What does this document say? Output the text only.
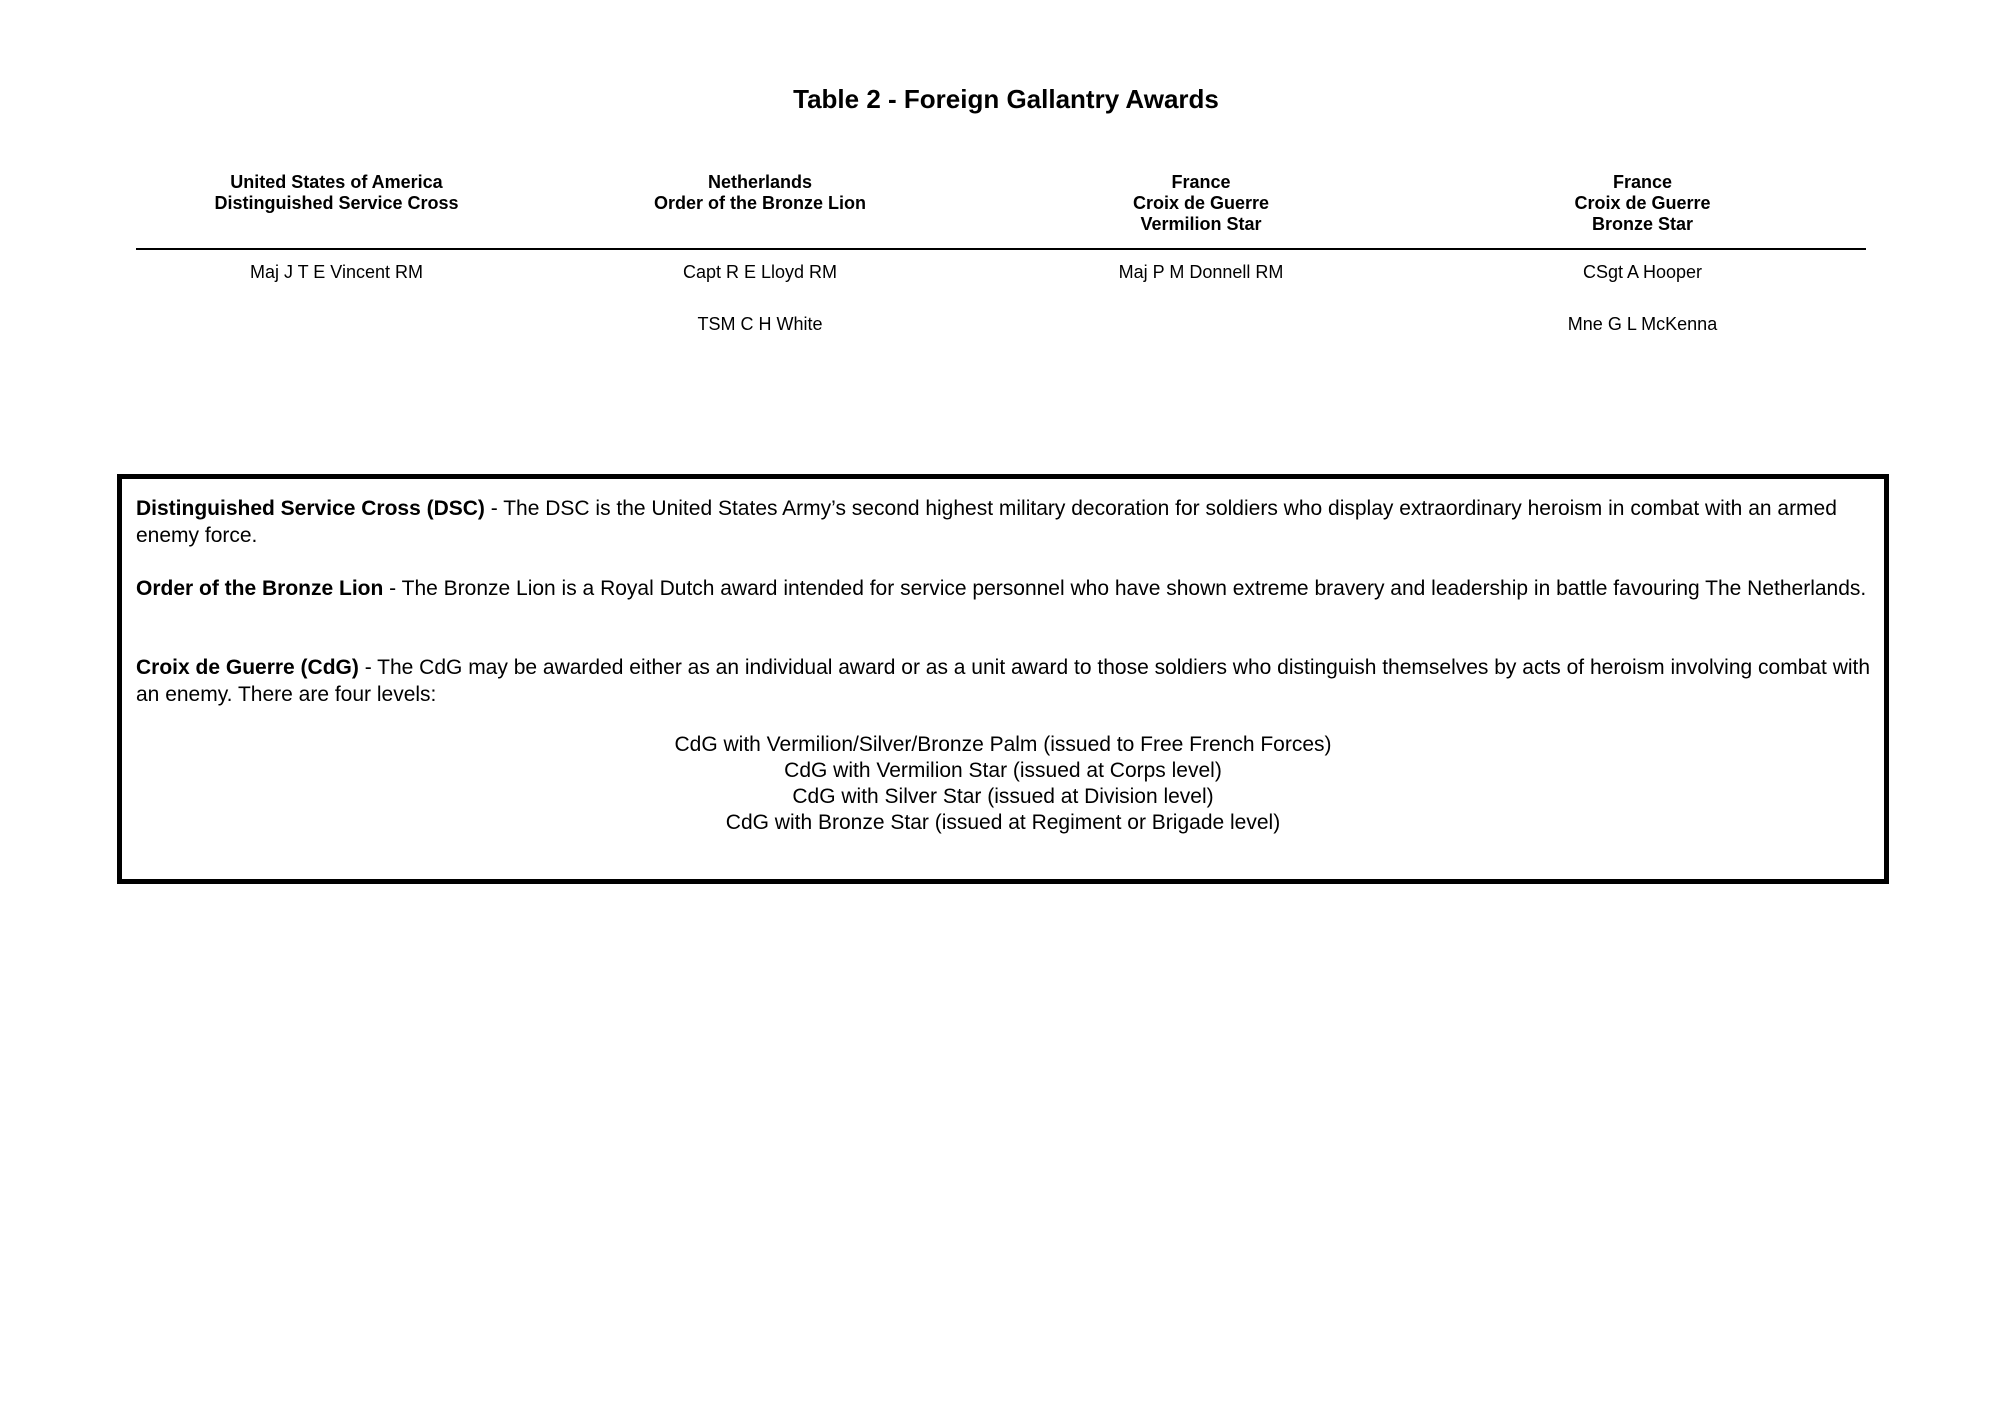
Table 2 - Foreign Gallantry Awards
United States of America
Distinguished Service Cross
Netherlands
Order of the Bronze Lion
France
Croix de Guerre
Vermilion Star
France
Croix de Guerre
Bronze Star
Maj J T E Vincent RM	Capt R E Lloyd RM
TSM C H White
Maj P M Donnell RM	CSgt A Hooper
Mne G L McKenna

Distinguished Service Cross (DSC) - The DSC is the United States Army’s second highest military decoration for soldiers who display extraordinary heroism in combat with an armed enemy force.

Order of the Bronze Lion - The Bronze Lion is a Royal Dutch award intended for service personnel who have shown extreme bravery and leadership in battle favouring The Netherlands.

Croix de Guerre (CdG) - The CdG may be awarded either as an individual award or as a unit award to those soldiers who distinguish themselves by acts of heroism involving combat with an enemy. There are four levels:

CdG with Vermilion/Silver/Bronze Palm (issued to Free French Forces)
CdG with Vermilion Star (issued at Corps level)
CdG with Silver Star (issued at Division level)
CdG with Bronze Star (issued at Regiment or Brigade level)
